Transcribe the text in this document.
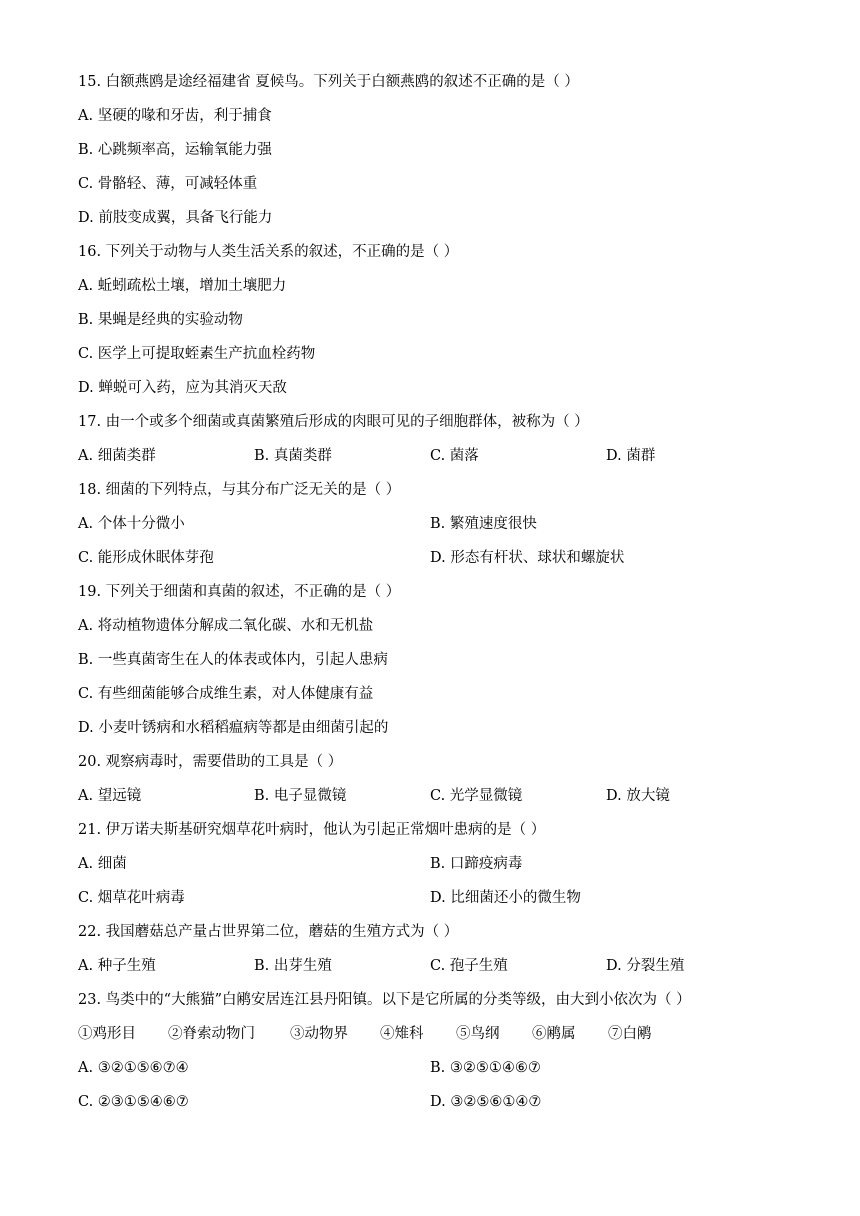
15. 白额燕鸥是途经福建省 夏候鸟。下列关于白额燕鸥的叙述不正确的是（ ）
A. 坚硬的喙和牙齿，利于捕食
B. 心跳频率高，运输氧能力强
C. 骨骼轻、薄，可减轻体重
D. 前肢变成翼，具备飞行能力
16. 下列关于动物与人类生活关系的叙述，不正确的是（ ）
A. 蚯蚓疏松土壤，增加土壤肥力
B. 果蝇是经典的实验动物
C. 医学上可提取蛭素生产抗血栓药物
D. 蝉蜕可入药，应为其消灭天敌
17. 由一个或多个细菌或真菌繁殖后形成的肉眼可见的子细胞群体，被称为（ ）
A. 细菌类群	B. 真菌类群	C. 菌落	D. 菌群
18. 细菌的下列特点，与其分布广泛无关的是（ ）
A. 个体十分微小	B. 繁殖速度很快
C. 能形成休眠体芽孢	D. 形态有杆状、球状和螺旋状
19. 下列关于细菌和真菌的叙述，不正确的是（ ）
A. 将动植物遗体分解成二氧化碳、水和无机盐
B. 一些真菌寄生在人的体表或体内，引起人患病
C. 有些细菌能够合成维生素，对人体健康有益
D. 小麦叶锈病和水稻稻瘟病等都是由细菌引起的
20. 观察病毒时，需要借助的工具是（ ）
A. 望远镜	B. 电子显微镜	C. 光学显微镜	D. 放大镜
21. 伊万诺夫斯基研究烟草花叶病时，他认为引起正常烟叶患病的是（ ）
A. 细菌	B. 口蹄疫病毒
C. 烟草花叶病毒	D. 比细菌还小的微生物
22. 我国蘑菇总产量占世界第二位，蘑菇的生殖方式为（ ）
A. 种子生殖	B. 出芽生殖	C. 孢子生殖	D. 分裂生殖
23. 鸟类中的“大熊猫”白鹇安居连江县丹阳镇。以下是它所属的分类等级，由大到小依次为（ ）
①鸡形目 ②脊索动物门 ③动物界 ④雉科 ⑤鸟纲 ⑥鹇属 ⑦白鹇
A. ③②①⑤⑥⑦④	B. ③②⑤①④⑥⑦
C. ②③①⑤④⑥⑦	D. ③②⑤⑥①④⑦
